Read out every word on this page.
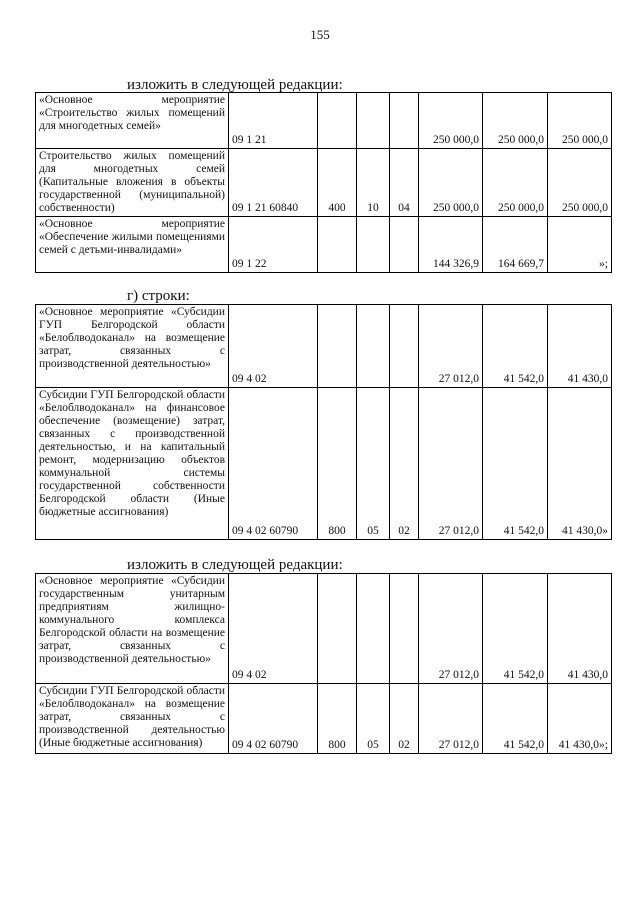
155
изложить в следующей редакции:
«Основное мероприятие «Строительство жилых помещений для многодетных семей»	09 1 21				250 000,0	250 000,0	250 000,0
Строительство жилых помещений для многодетных семей (Капитальные вложения в объекты государственной (муниципальной) собственности)	09 1 21 60840	400	10	04	250 000,0	250 000,0	250 000,0
«Основное мероприятие «Обеспечение жилыми помещениями семей с детьми-инвалидами»	09 1 22				144 326,9	164 669,7	»;
г) строки:
«Основное мероприятие «Субсидии ГУП Белгородской области «Белоблводоканал» на возмещение затрат, связанных с производственной деятельностью»	09 4 02				27 012,0	41 542,0	41 430,0
Субсидии ГУП Белгородской области «Белоблводоканал» на финансовое обеспечение (возмещение) затрат, связанных с производственной деятельностью, и на капитальный ремонт, модернизацию объектов коммунальной системы государственной собственности Белгородской области (Иные бюджетные ассигнования)	09 4 02 60790	800	05	02	27 012,0	41 542,0	41 430,0»
изложить в следующей редакции:
«Основное мероприятие «Субсидии государственным унитарным предприятиям жилищно-коммунального комплекса Белгородской области на возмещение затрат, связанных с производственной деятельностью»	09 4 02				27 012,0	41 542,0	41 430,0
Субсидии ГУП Белгородской области «Белоблводоканал» на возмещение затрат, связанных с производственной деятельностью (Иные бюджетные ассигнования)	09 4 02 60790	800	05	02	27 012,0	41 542,0	41 430,0»;
